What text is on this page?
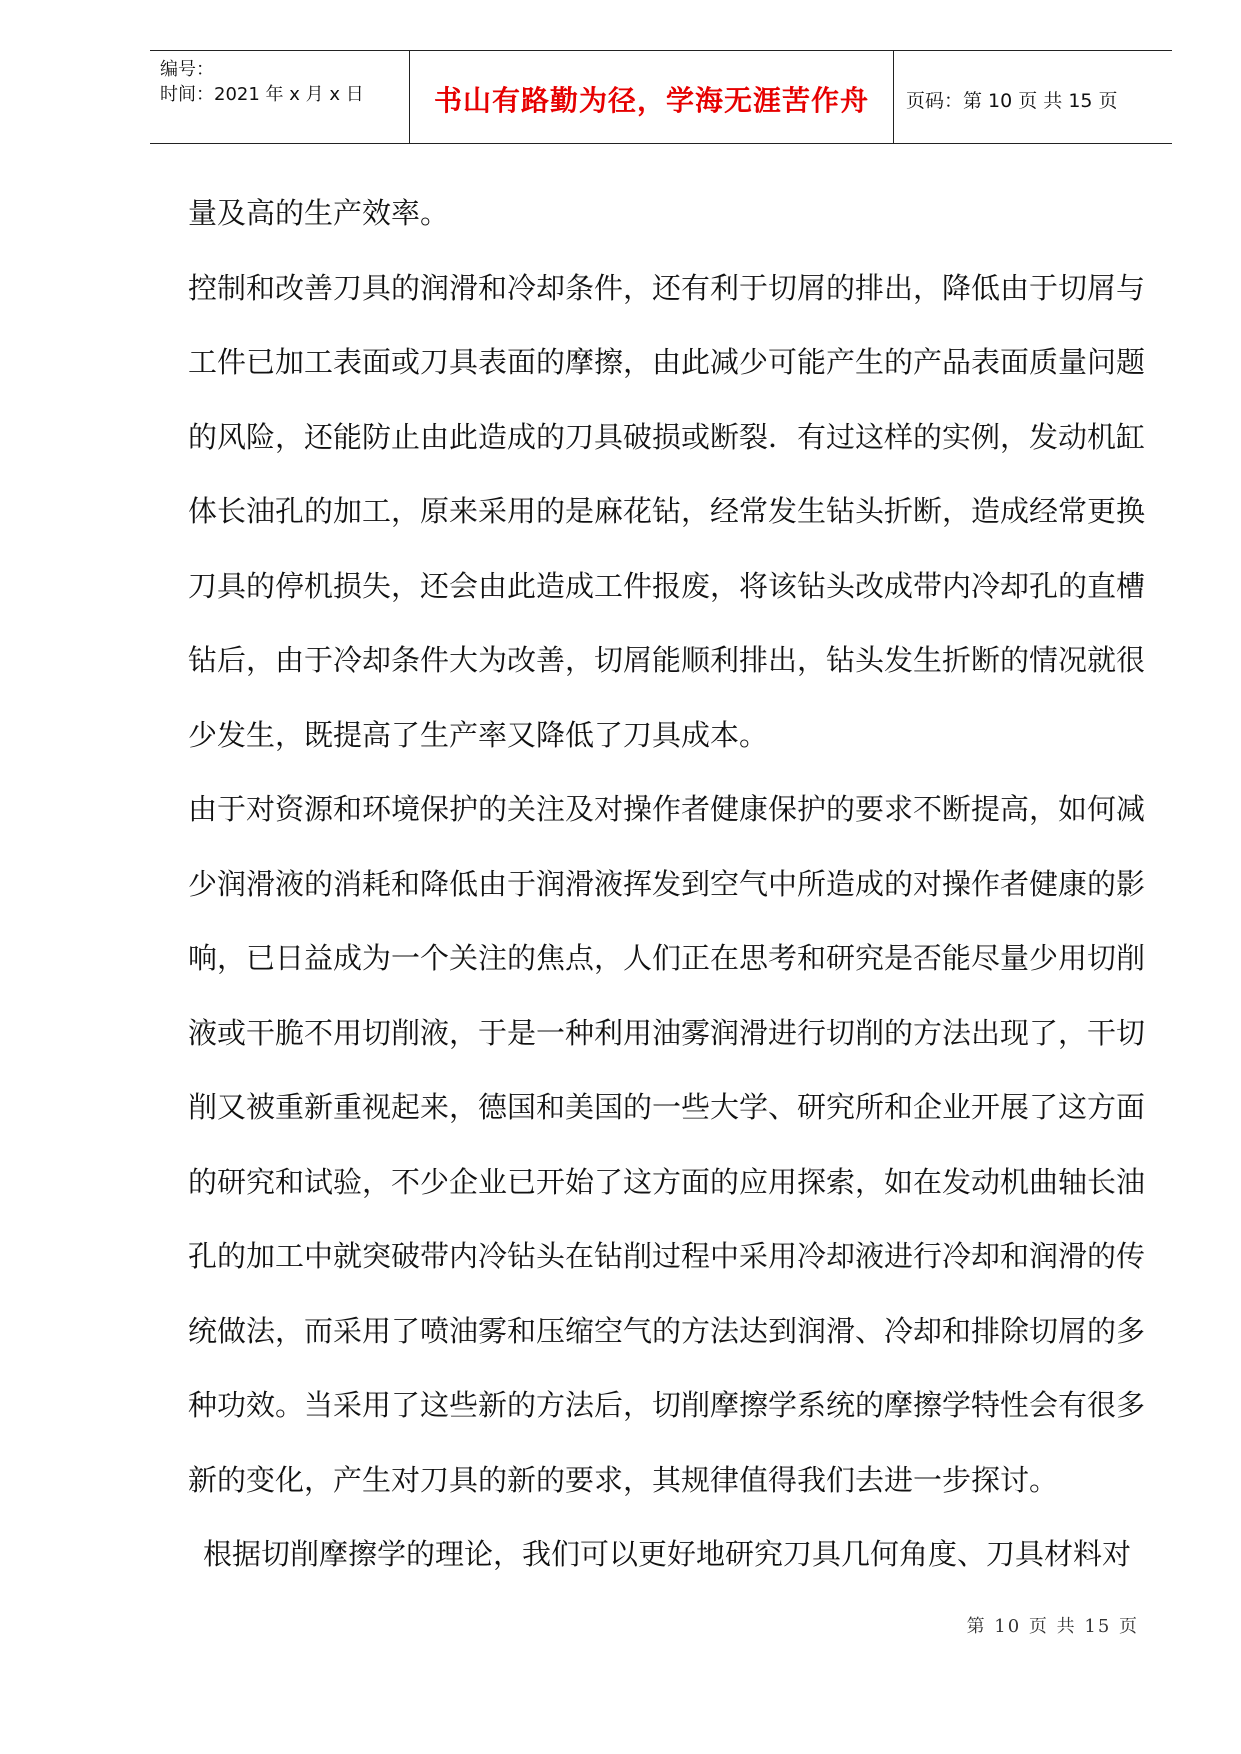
编号：
时间：2021 年 x 月 x 日	书山有路勤为径，学海无涯苦作舟	页码：第 10 页 共 15 页

量及高的生产效率。

控制和改善刀具的润滑和冷却条件，还有利于切屑的排出，降低由于切屑与工件已加工表面或刀具表面的摩擦，由此减少可能产生的产品表面质量问题的风险，还能防止由此造成的刀具破损或断裂．有过这样的实例，发动机缸体长油孔的加工，原来采用的是麻花钻，经常发生钻头折断，造成经常更换刀具的停机损失，还会由此造成工件报废，将该钻头改成带内冷却孔的直槽钻后，由于冷却条件大为改善，切屑能顺利排出，钻头发生折断的情况就很少发生，既提高了生产率又降低了刀具成本。

由于对资源和环境保护的关注及对操作者健康保护的要求不断提高，如何减少润滑液的消耗和降低由于润滑液挥发到空气中所造成的对操作者健康的影响，已日益成为一个关注的焦点，人们正在思考和研究是否能尽量少用切削液或干脆不用切削液，于是一种利用油雾润滑进行切削的方法出现了，干切削又被重新重视起来，德国和美国的一些大学、研究所和企业开展了这方面的研究和试验，不少企业已开始了这方面的应用探索，如在发动机曲轴长油孔的加工中就突破带内冷钻头在钻削过程中采用冷却液进行冷却和润滑的传统做法，而采用了喷油雾和压缩空气的方法达到润滑、冷却和排除切屑的多种功效。当采用了这些新的方法后，切削摩擦学系统的摩擦学特性会有很多新的变化，产生对刀具的新的要求，其规律值得我们去进一步探讨。

根据切削摩擦学的理论，我们可以更好地研究刀具几何角度、刀具材料对

第 10 页 共 15 页
